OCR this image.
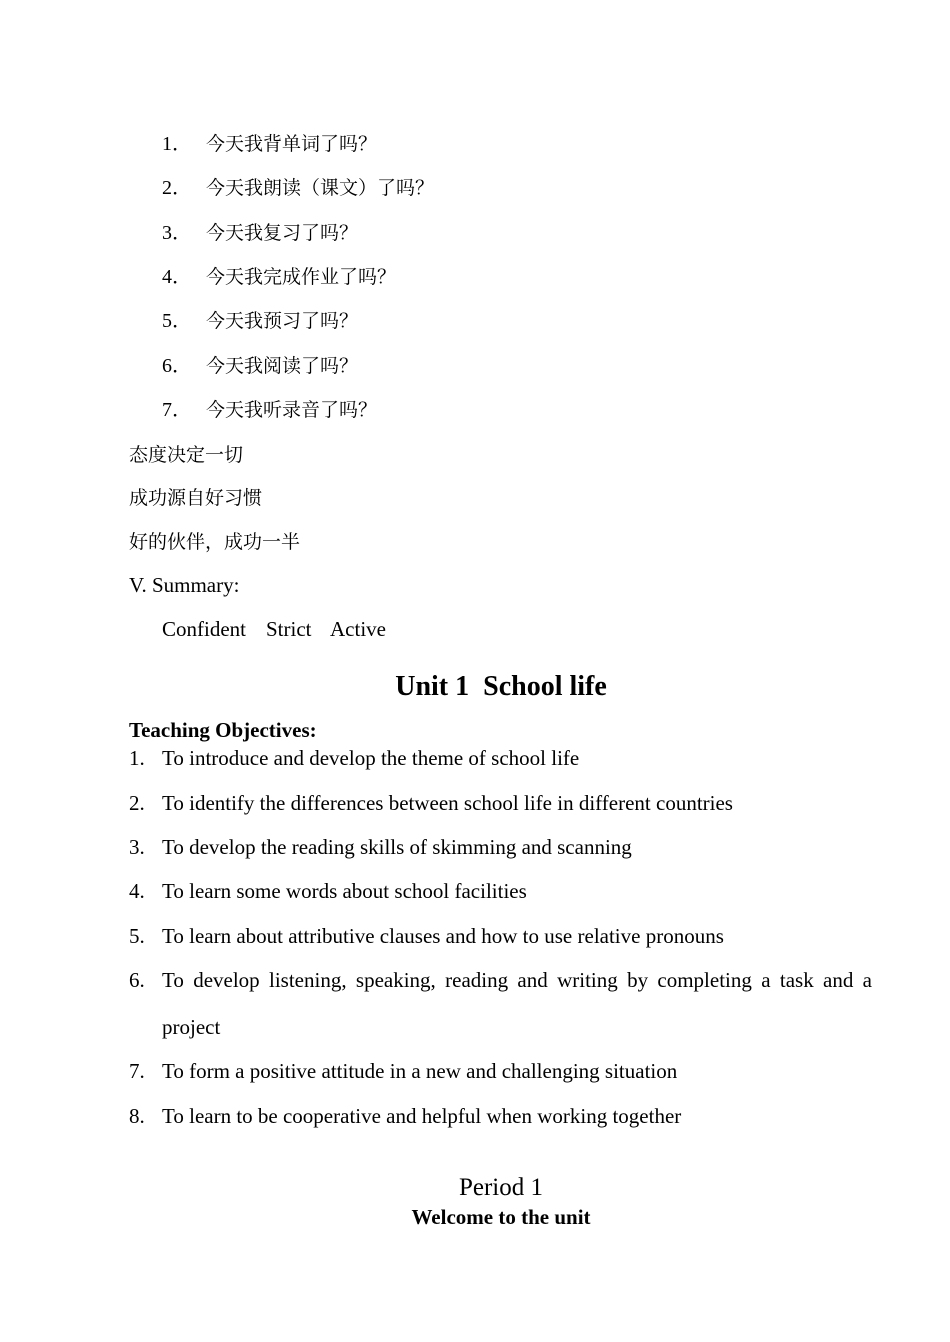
1． 今天我背单词了吗？
2． 今天我朗读（课文）了吗？
3． 今天我复习了吗？
4． 今天我完成作业了吗？
5． 今天我预习了吗？
6． 今天我阅读了吗？
7． 今天我听录音了吗？
态度决定一切
成功源自好习惯
好的伙伴，成功一半
V. Summary:
Confident Strict Active
Unit 1  School life
Teaching Objectives:
1. To introduce and develop the theme of school life
2. To identify the differences between school life in different countries
3. To develop the reading skills of skimming and scanning
4. To learn some words about school facilities
5. To learn about attributive clauses and how to use relative pronouns
6. To develop listening, speaking, reading and writing by completing a task and a
project
7. To form a positive attitude in a new and challenging situation
8. To learn to be cooperative and helpful when working together
Period 1
Welcome to the unit
